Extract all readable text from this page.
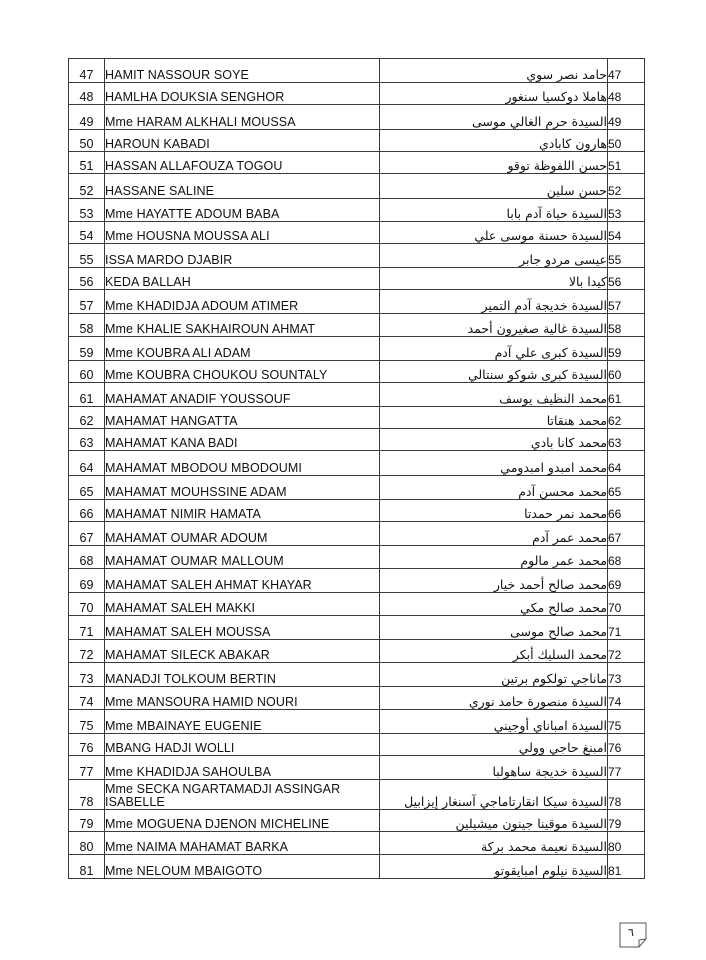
47	HAMIT NASSOUR SOYE	حامد نصر سوي	47
48	HAMLHA DOUKSIA SENGHOR	هاملا دوكسيا سنغور	48
49	Mme HARAM ALKHALI MOUSSA	السيدة حرم الغالي موسى	49
50	HAROUN KABADI	هارون كابادي	50
51	HASSAN ALLAFOUZA TOGOU	حسن اللفوظة توقو	51
52	HASSANE SALINE	حسن سلين	52
53	Mme HAYATTE ADOUM BABA	السيدة حياة آدم بابا	53
54	Mme HOUSNA MOUSSA ALI	السيدة حسنة موسى علي	54
55	ISSA MARDO DJABIR	عيسى مردو جابر	55
56	KEDA BALLAH	كيدا بالا	56
57	Mme KHADIDJA ADOUM ATIMER	السيدة خديجة آدم التمير	57
58	Mme KHALIE SAKHAIROUN AHMAT	السيدة غالية صغيرون أحمد	58
59	Mme KOUBRA ALI ADAM	السيدة كبرى علي آدم	59
60	Mme KOUBRA CHOUKOU SOUNTALY	السيدة كبرى شوكو سنتالي	60
61	MAHAMAT ANADIF YOUSSOUF	محمد النظيف يوسف	61
62	MAHAMAT HANGATTA	محمد هنقاتا	62
63	MAHAMAT KANA BADI	محمد كانا بادي	63
64	MAHAMAT MBODOU MBODOUMI	محمد امبدو امبدومي	64
65	MAHAMAT MOUHSSINE ADAM	محمد محسن آدم	65
66	MAHAMAT NIMIR HAMATA	محمد نمر حمدتا	66
67	MAHAMAT OUMAR ADOUM	محمد عمر آدم	67
68	MAHAMAT OUMAR MALLOUM	محمد عمر مالوم	68
69	MAHAMAT SALEH AHMAT KHAYAR	محمد صالح أحمد خيار	69
70	MAHAMAT SALEH MAKKI	محمد صالح مكي	70
71	MAHAMAT SALEH MOUSSA	محمد صالح موسى	71
72	MAHAMAT SILECK ABAKAR	محمد السليك أبكر	72
73	MANADJI TOLKOUM BERTIN	ماناجي تولكوم برتين	73
74	Mme MANSOURA HAMID NOURI	السيدة منصورة حامد نوري	74
75	Mme MBAINAYE EUGENIE	السيدة امباناي أوجيني	75
76	MBANG HADJI WOLLI	امبنغ حاجي وولي	76
77	Mme KHADIDJA SAHOULBA	السيدة خديجة ساهولبا	77
78	Mme SECKA NGARTAMADJI ASSINGAR ISABELLE	السيدة سيكا انقارتاماجي آسنغار إيزابيل	78
79	Mme MOGUENA DJENON MICHELINE	السيدة موقينا جينون ميشيلين	79
80	Mme NAIMA MAHAMAT BARKA	السيدة نعيمة محمد بركة	80
81	Mme NELOUM MBAIGOTO	السيدة نيلوم امبايقوتو	81
٦
